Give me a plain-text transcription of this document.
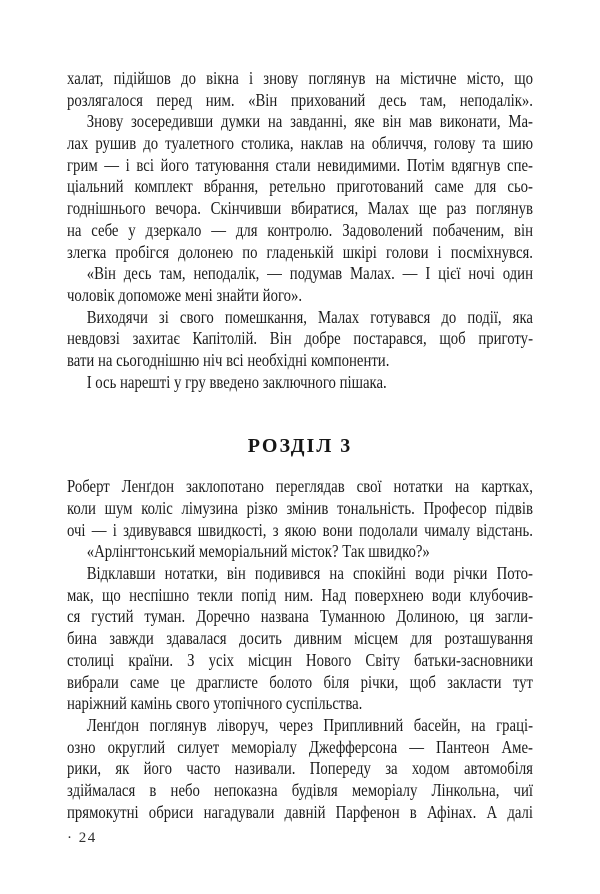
халат, підійшов до вікна і знову поглянув на містичне місто, що
розлягалося перед ним. «Він прихований десь там, неподалік».
Знову зосередивши думки на завданні, яке він мав виконати, Ма-
лах рушив до туалетного столика, наклав на обличчя, голову та шию
грим — і всі його татуювання стали невидимими. Потім вдягнув спе-
ціальний комплект вбрання, ретельно приготований саме для сьо-
годнішнього вечора. Скінчивши вбиратися, Малах ще раз поглянув
на себе у дзеркало — для контролю. Задоволений побаченим, він
злегка пробігся долонею по гладенькій шкірі голови і посміхнувся.
«Він десь там, неподалік, — подумав Малах. — І цієї ночі один
чоловік допоможе мені знайти його».
Виходячи зі свого помешкання, Малах готувався до події, яка
невдовзі захитає Капітолій. Він добре постарався, щоб приготу-
вати на сьогоднішню ніч всі необхідні компоненти.
І ось нарешті у гру введено заключного пішака.
РОЗДІЛ 3
Роберт Ленґдон заклопотано переглядав свої нотатки на картках,
коли шум коліс лімузина різко змінив тональність. Професор підвів
очі — і здивувався швидкості, з якою вони подолали чималу відстань.
«Арлінгтонський меморіальний місток? Так швидко?»
Відклавши нотатки, він подивився на спокійні води річки Пото-
мак, що неспішно текли попід ним. Над поверхнею води клубочив-
ся густий туман. Доречно названа Туманною Долиною, ця загли-
бина завжди здавалася досить дивним місцем для розташування
столиці країни. З усіх місцин Нового Світу батьки-засновники
вибрали саме це драглисте болото біля річки, щоб закласти тут
наріжний камінь свого утопічного суспільства.
Ленґдон поглянув ліворуч, через Припливний басейн, на граці-
озно округлий силует меморіалу Джефферсона — Пантеон Аме-
рики, як його часто називали. Попереду за ходом автомобіля
здіймалася в небо непоказна будівля меморіалу Лінкольна, чиї
прямокутні обриси нагадували давній Парфенон в Афінах. А далі
· 24
